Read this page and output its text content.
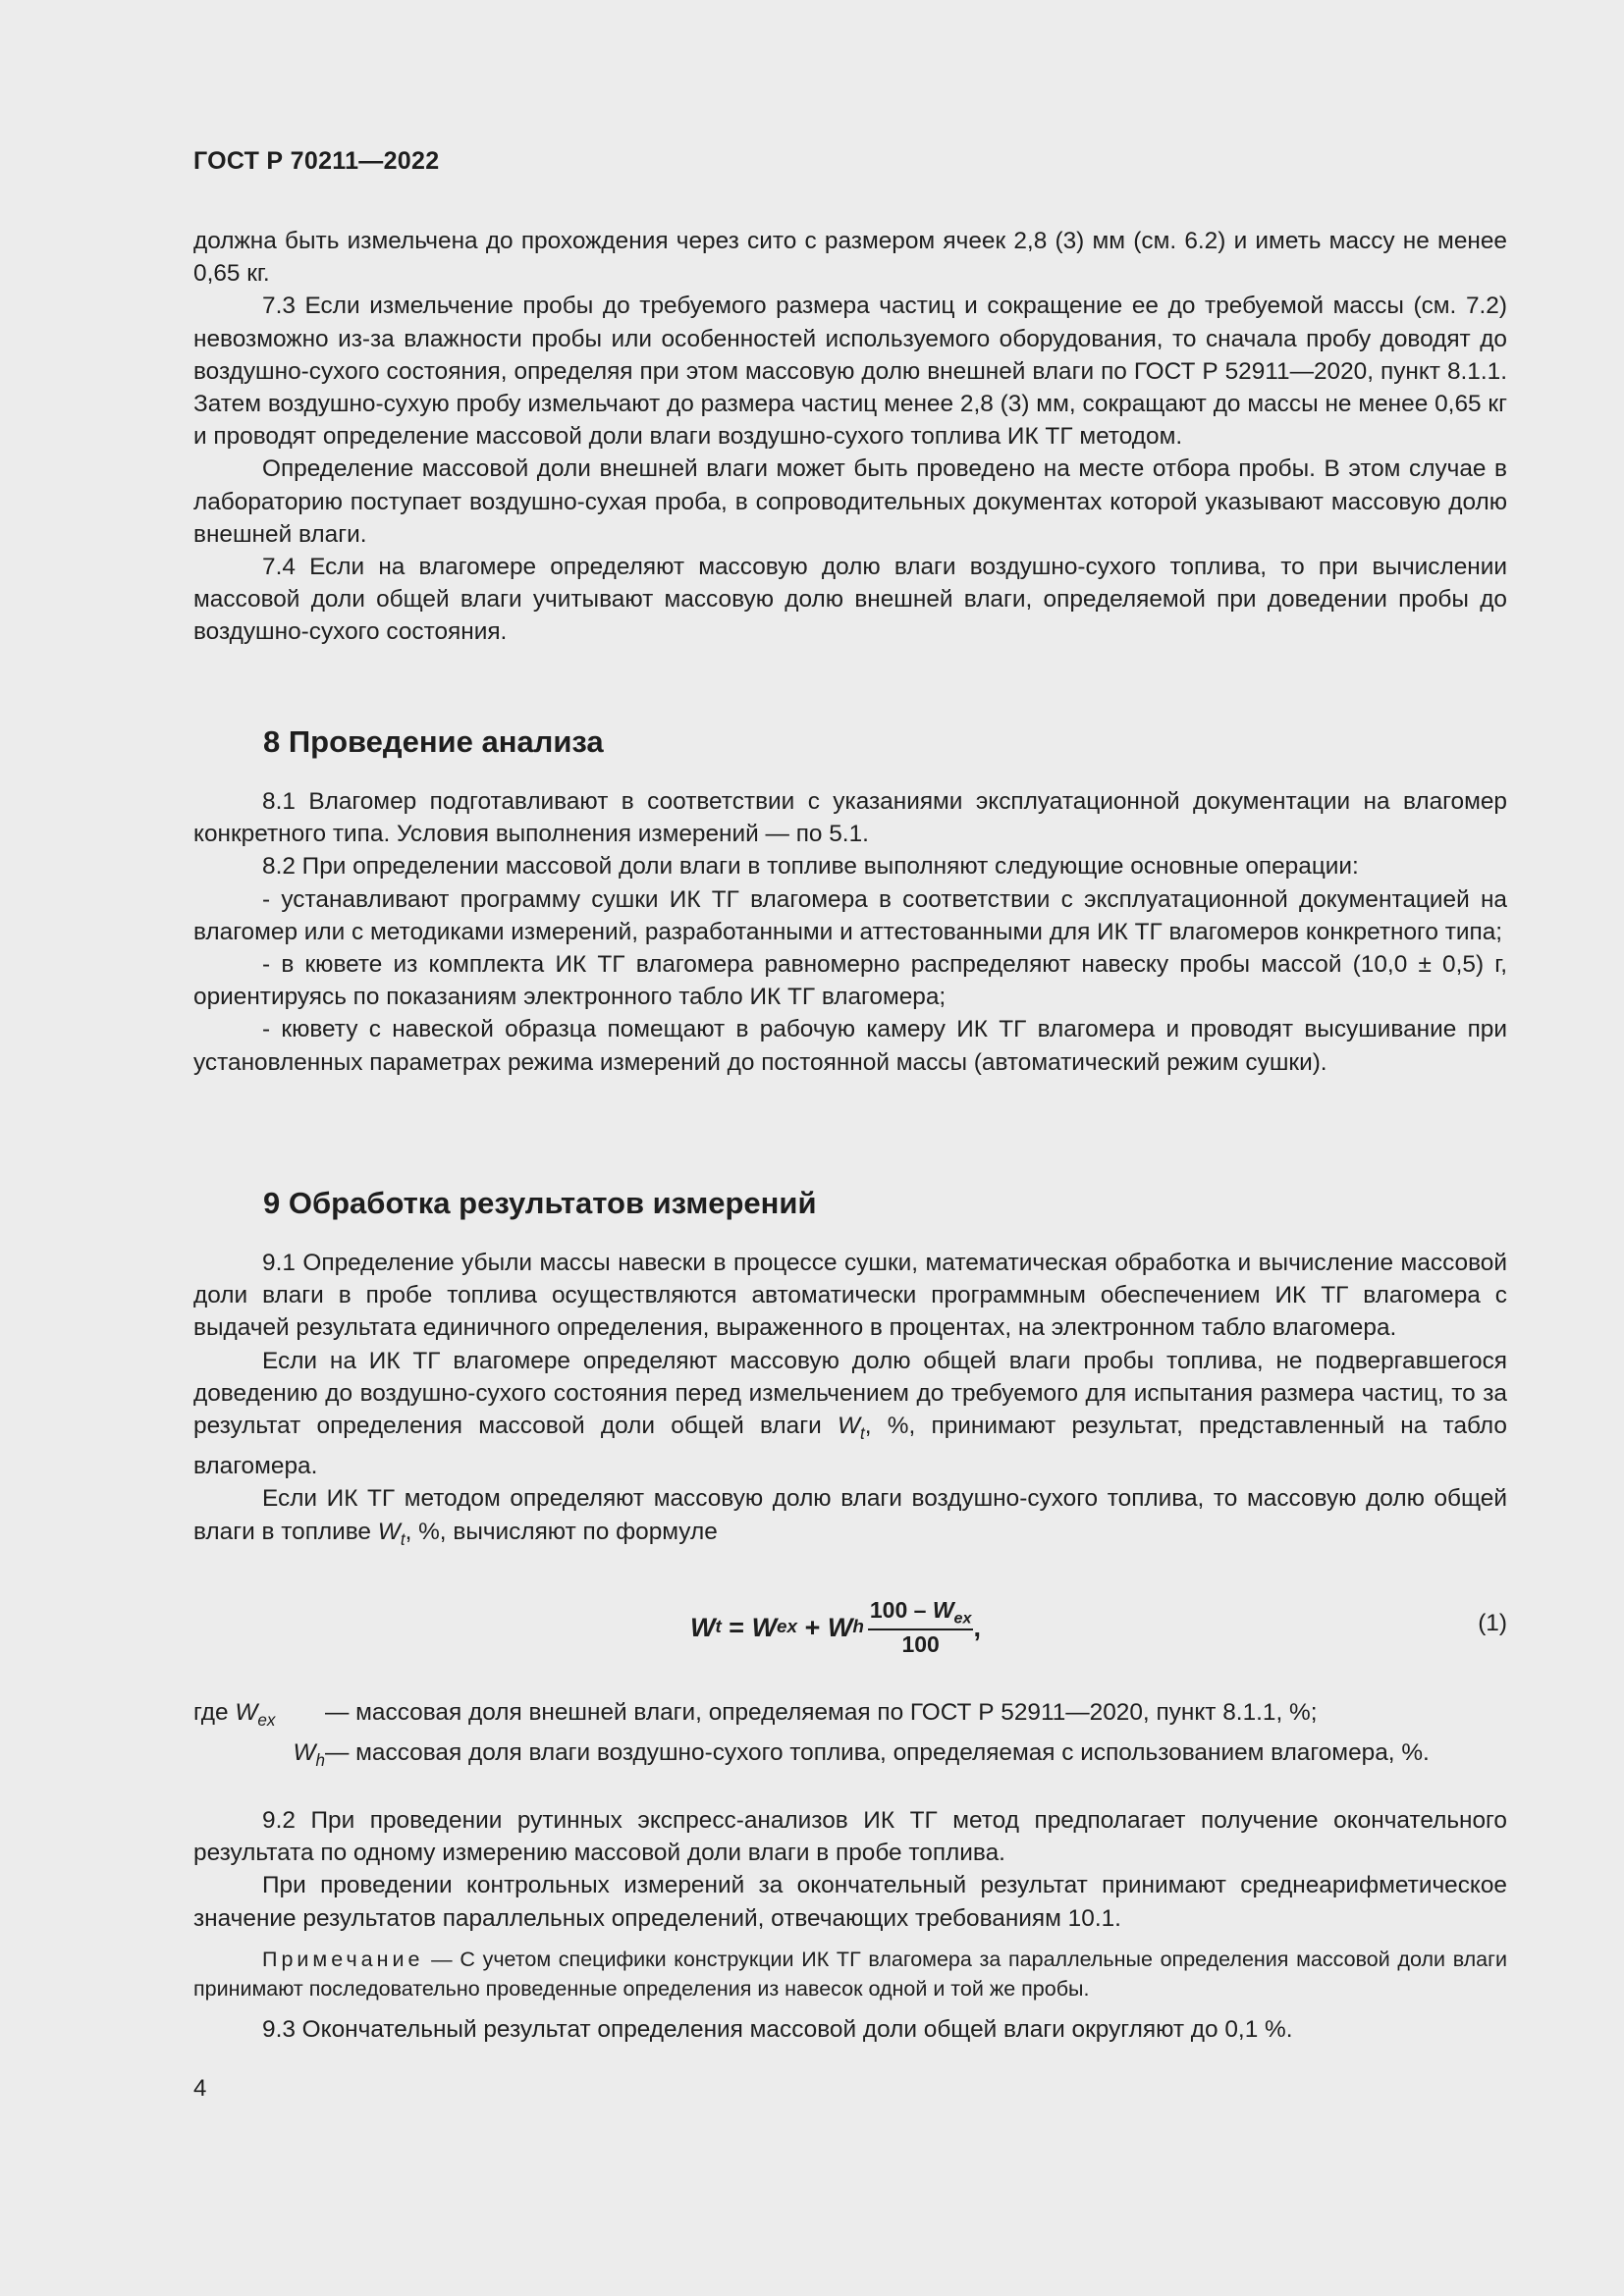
ГОСТ Р 70211—2022

должна быть измельчена до прохождения через сито с размером ячеек 2,8 (3) мм (см. 6.2) и иметь массу не менее 0,65 кг.

7.3 Если измельчение пробы до требуемого размера частиц и сокращение ее до требуемой массы (см. 7.2) невозможно из-за влажности пробы или особенностей используемого оборудования, то сначала пробу доводят до воздушно-сухого состояния, определяя при этом массовую долю внешней влаги по ГОСТ Р 52911—2020, пункт 8.1.1. Затем воздушно-сухую пробу измельчают до размера частиц менее 2,8 (3) мм, сокращают до массы не менее 0,65 кг и проводят определение массовой доли влаги воздушно-сухого топлива ИК ТГ методом.

Определение массовой доли внешней влаги может быть проведено на месте отбора пробы. В этом случае в лабораторию поступает воздушно-сухая проба, в сопроводительных документах которой указывают массовую долю внешней влаги.

7.4 Если на влагомере определяют массовую долю влаги воздушно-сухого топлива, то при вычислении массовой доли общей влаги учитывают массовую долю внешней влаги, определяемой при доведении пробы до воздушно-сухого состояния.

8 Проведение анализа

8.1 Влагомер подготавливают в соответствии с указаниями эксплуатационной документации на влагомер конкретного типа. Условия выполнения измерений — по 5.1.

8.2 При определении массовой доли влаги в топливе выполняют следующие основные операции:

- устанавливают программу сушки ИК ТГ влагомера в соответствии с эксплуатационной документацией на влагомер или с методиками измерений, разработанными и аттестованными для ИК ТГ влагомеров конкретного типа;

- в кювете из комплекта ИК ТГ влагомера равномерно распределяют навеску пробы массой (10,0 ± 0,5) г, ориентируясь по показаниям электронного табло ИК ТГ влагомера;

- кювету с навеской образца помещают в рабочую камеру ИК ТГ влагомера и проводят высушивание при установленных параметрах режима измерений до постоянной массы (автоматический режим сушки).

9 Обработка результатов измерений

9.1 Определение убыли массы навески в процессе сушки, математическая обработка и вычисление массовой доли влаги в пробе топлива осуществляются автоматически программным обеспечением ИК ТГ влагомера с выдачей результата единичного определения, выраженного в процентах, на электронном табло влагомера.

Если на ИК ТГ влагомере определяют массовую долю общей влаги пробы топлива, не подвергавшегося доведению до воздушно-сухого состояния перед измельчением до требуемого для испытания размера частиц, то за результат определения массовой доли общей влаги $W_t$, %, принимают результат, представленный на табло влагомера.

Если ИК ТГ методом определяют массовую долю влаги воздушно-сухого топлива, то массовую долю общей влаги в топливе $W_t$, %, вычисляют по формуле

W t = W ex + W h $\frac{100 - W_{ex}}{100}$ ,	(1)
где $W_{ex}$	— массовая доля внешней влаги, определяемая по ГОСТ Р 52911—2020, пункт 8.1.1, %;
$W_h$ — массовая доля влаги воздушно-сухого топлива, определяемая с использованием влагомера, %.

9.2 При проведении рутинных экспресс-анализов ИК ТГ метод предполагает получение окончательного результата по одному измерению массовой доли влаги в пробе топлива.

При проведении контрольных измерений за окончательный результат принимают среднеарифметическое значение результатов параллельных определений, отвечающих требованиям 10.1.

Примечание — С учетом специфики конструкции ИК ТГ влагомера за параллельные определения массовой доли влаги принимают последовательно проведенные определения из навесок одной и той же пробы.

9.3 Окончательный результат определения массовой доли общей влаги округляют до 0,1 %.

4
